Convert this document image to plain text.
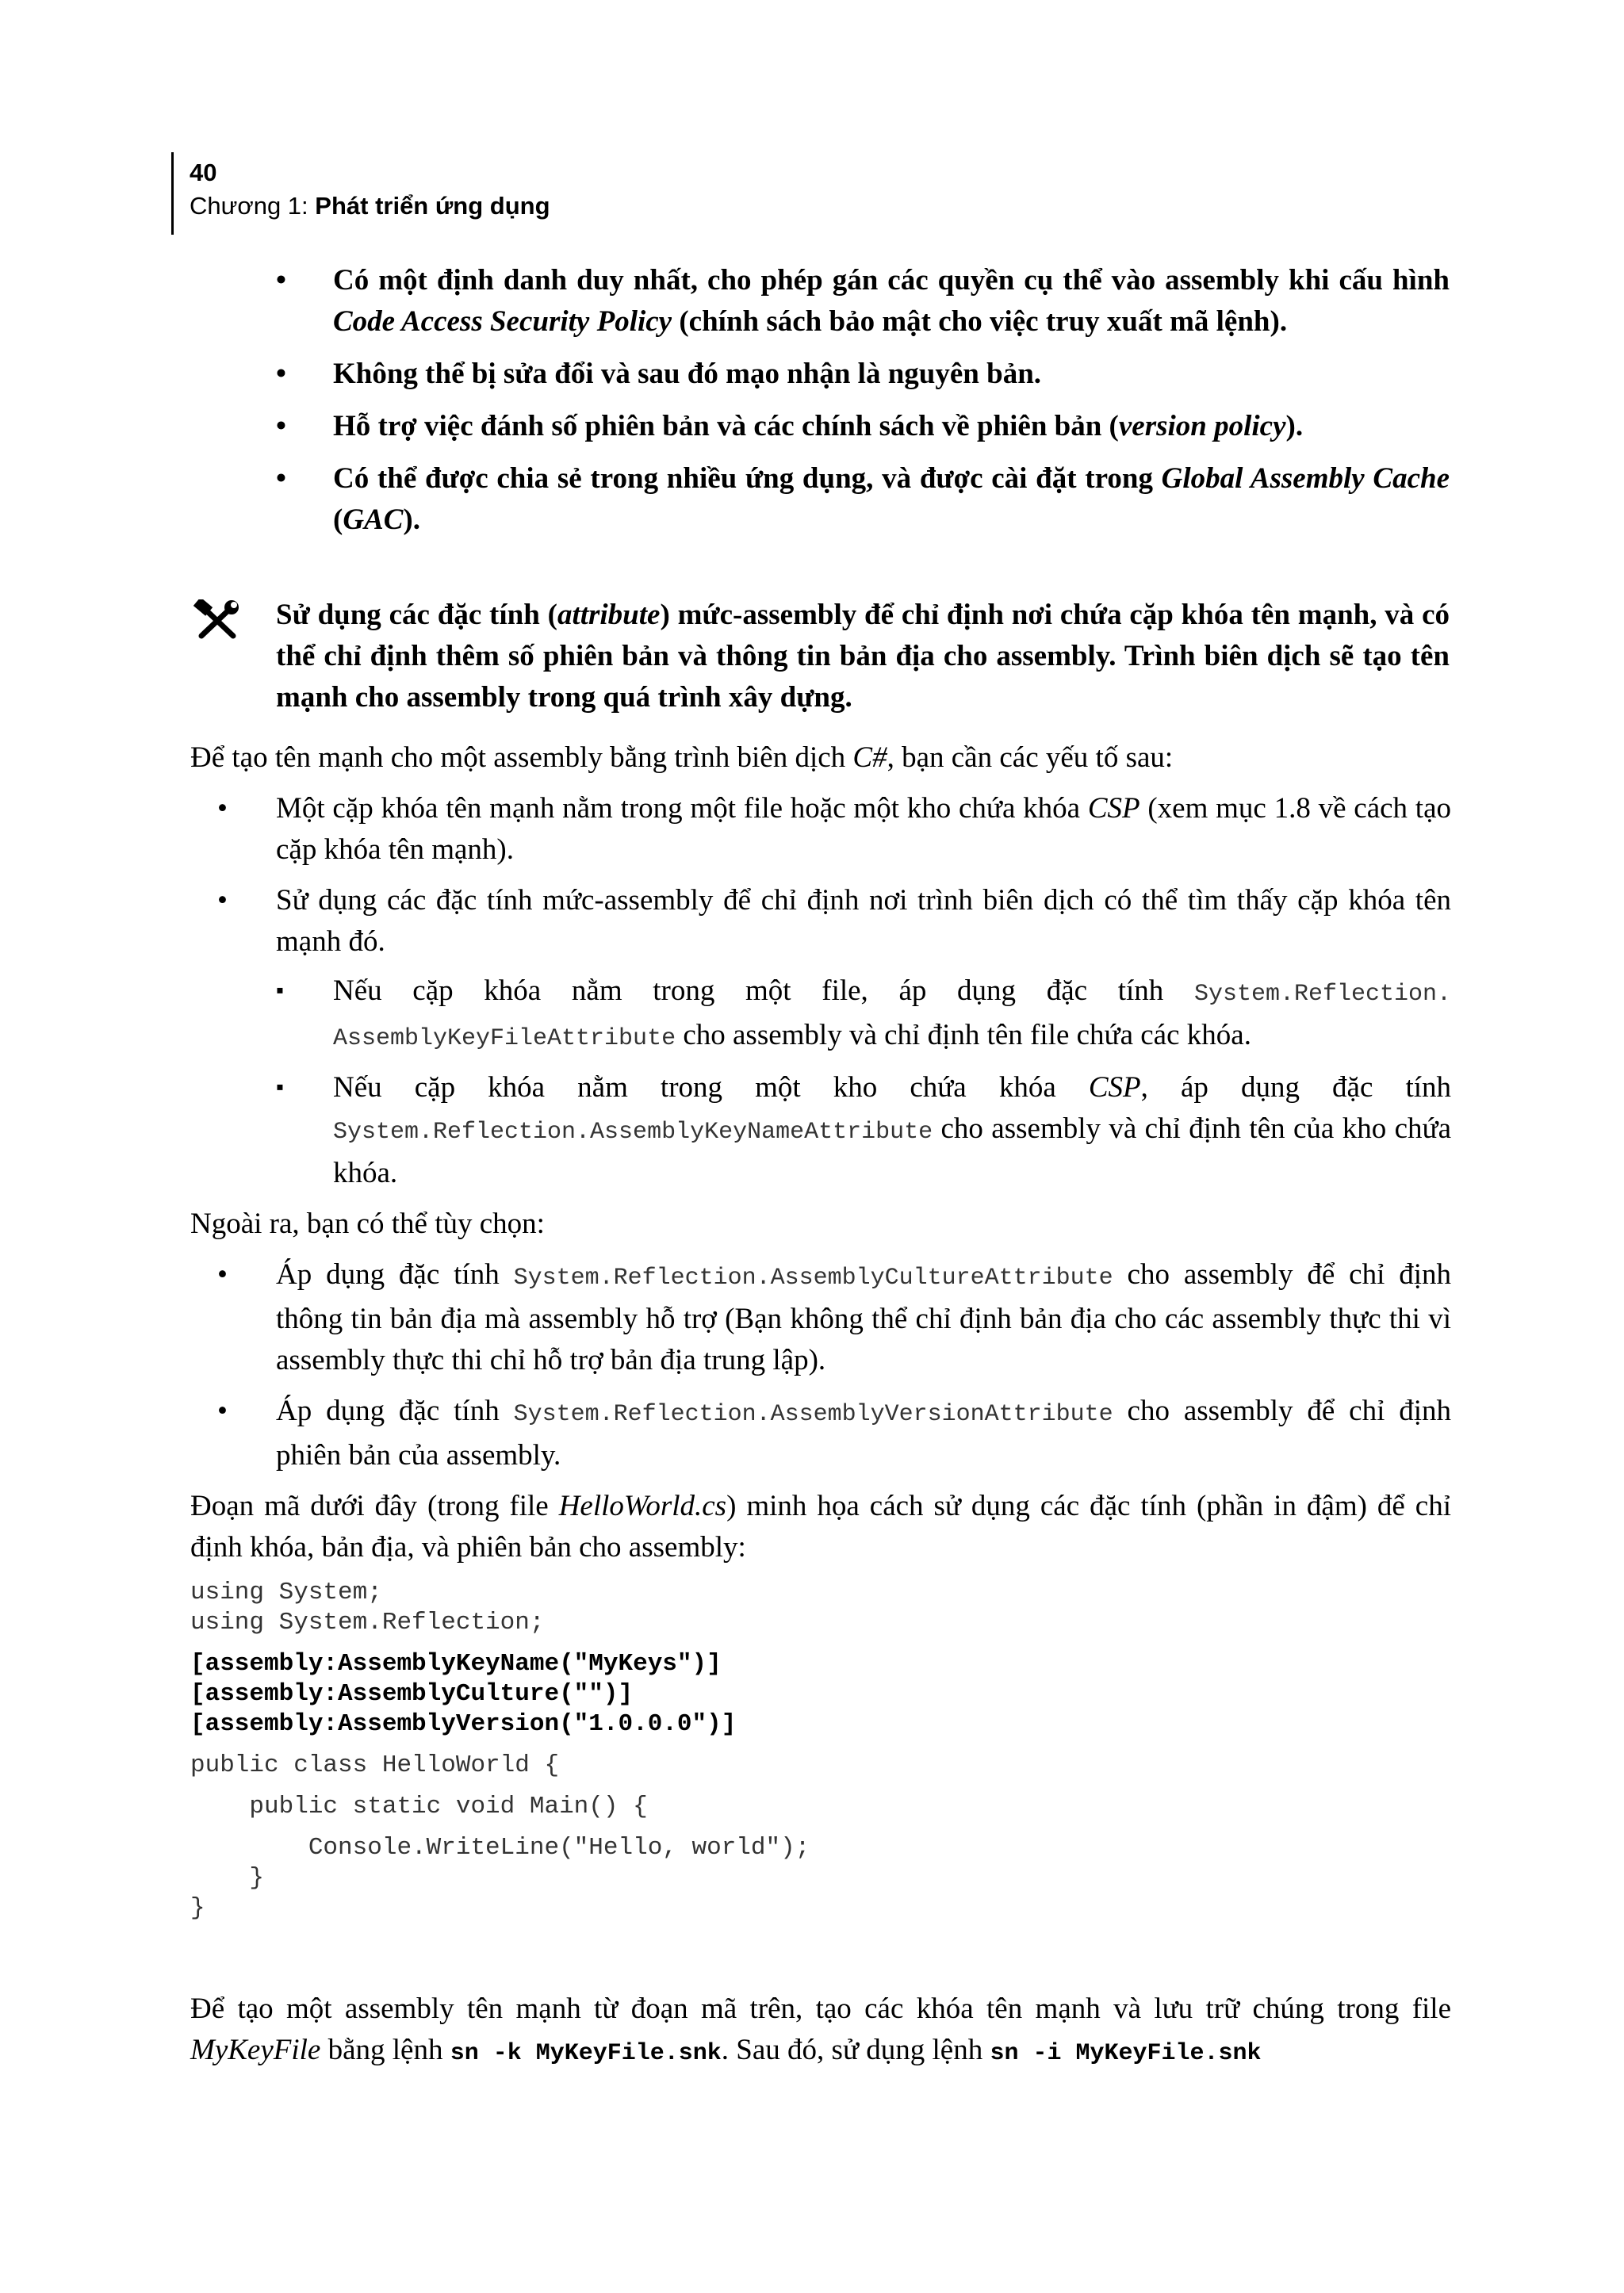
40
Chương 1: Phát triển ứng dụng
• Có một định danh duy nhất, cho phép gán các quyền cụ thể vào assembly khi cấu hình Code Access Security Policy (chính sách bảo mật cho việc truy xuất mã lệnh).
• Không thể bị sửa đổi và sau đó mạo nhận là nguyên bản.
• Hỗ trợ việc đánh số phiên bản và các chính sách về phiên bản (version policy).
• Có thể được chia sẻ trong nhiều ứng dụng, và được cài đặt trong Global Assembly Cache (GAC).
Sử dụng các đặc tính (attribute) mức-assembly để chỉ định nơi chứa cặp khóa tên mạnh, và có thể chỉ định thêm số phiên bản và thông tin bản địa cho assembly. Trình biên dịch sẽ tạo tên mạnh cho assembly trong quá trình xây dựng.

Để tạo tên mạnh cho một assembly bằng trình biên dịch C#, bạn cần các yếu tố sau:

• Một cặp khóa tên mạnh nằm trong một file hoặc một kho chứa khóa CSP (xem mục 1.8 về cách tạo cặp khóa tên mạnh).
• Sử dụng các đặc tính mức-assembly để chỉ định nơi trình biên dịch có thể tìm thấy cặp khóa tên mạnh đó.
▪ Nếu cặp khóa nằm trong một file, áp dụng đặc tính System.Reflection. AssemblyKeyFileAttribute cho assembly và chỉ định tên file chứa các khóa.
▪ Nếu cặp khóa nằm trong một kho chứa khóa CSP, áp dụng đặc tính System.Reflection.AssemblyKeyNameAttribute cho assembly và chỉ định tên của kho chứa khóa.

Ngoài ra, bạn có thể tùy chọn:

• Áp dụng đặc tính System.Reflection.AssemblyCultureAttribute cho assembly để chỉ định thông tin bản địa mà assembly hỗ trợ (Bạn không thể chỉ định bản địa cho các assembly thực thi vì assembly thực thi chỉ hỗ trợ bản địa trung lập).
• Áp dụng đặc tính System.Reflection.AssemblyVersionAttribute cho assembly để chỉ định phiên bản của assembly.

Đoạn mã dưới đây (trong file HelloWorld.cs) minh họa cách sử dụng các đặc tính (phần in đậm) để chỉ định khóa, bản địa, và phiên bản cho assembly:

using System;
using System.Reflection;

[assembly:AssemblyKeyName("MyKeys")]
[assembly:AssemblyCulture("")]
[assembly:AssemblyVersion("1.0.0.0")]

public class HelloWorld {

public static void Main() {

Console.WriteLine("Hello, world");
}
}

Để tạo một assembly tên mạnh từ đoạn mã trên, tạo các khóa tên mạnh và lưu trữ chúng trong file MyKeyFile bằng lệnh sn -k MyKeyFile.snk. Sau đó, sử dụng lệnh sn -i MyKeyFile.snk
